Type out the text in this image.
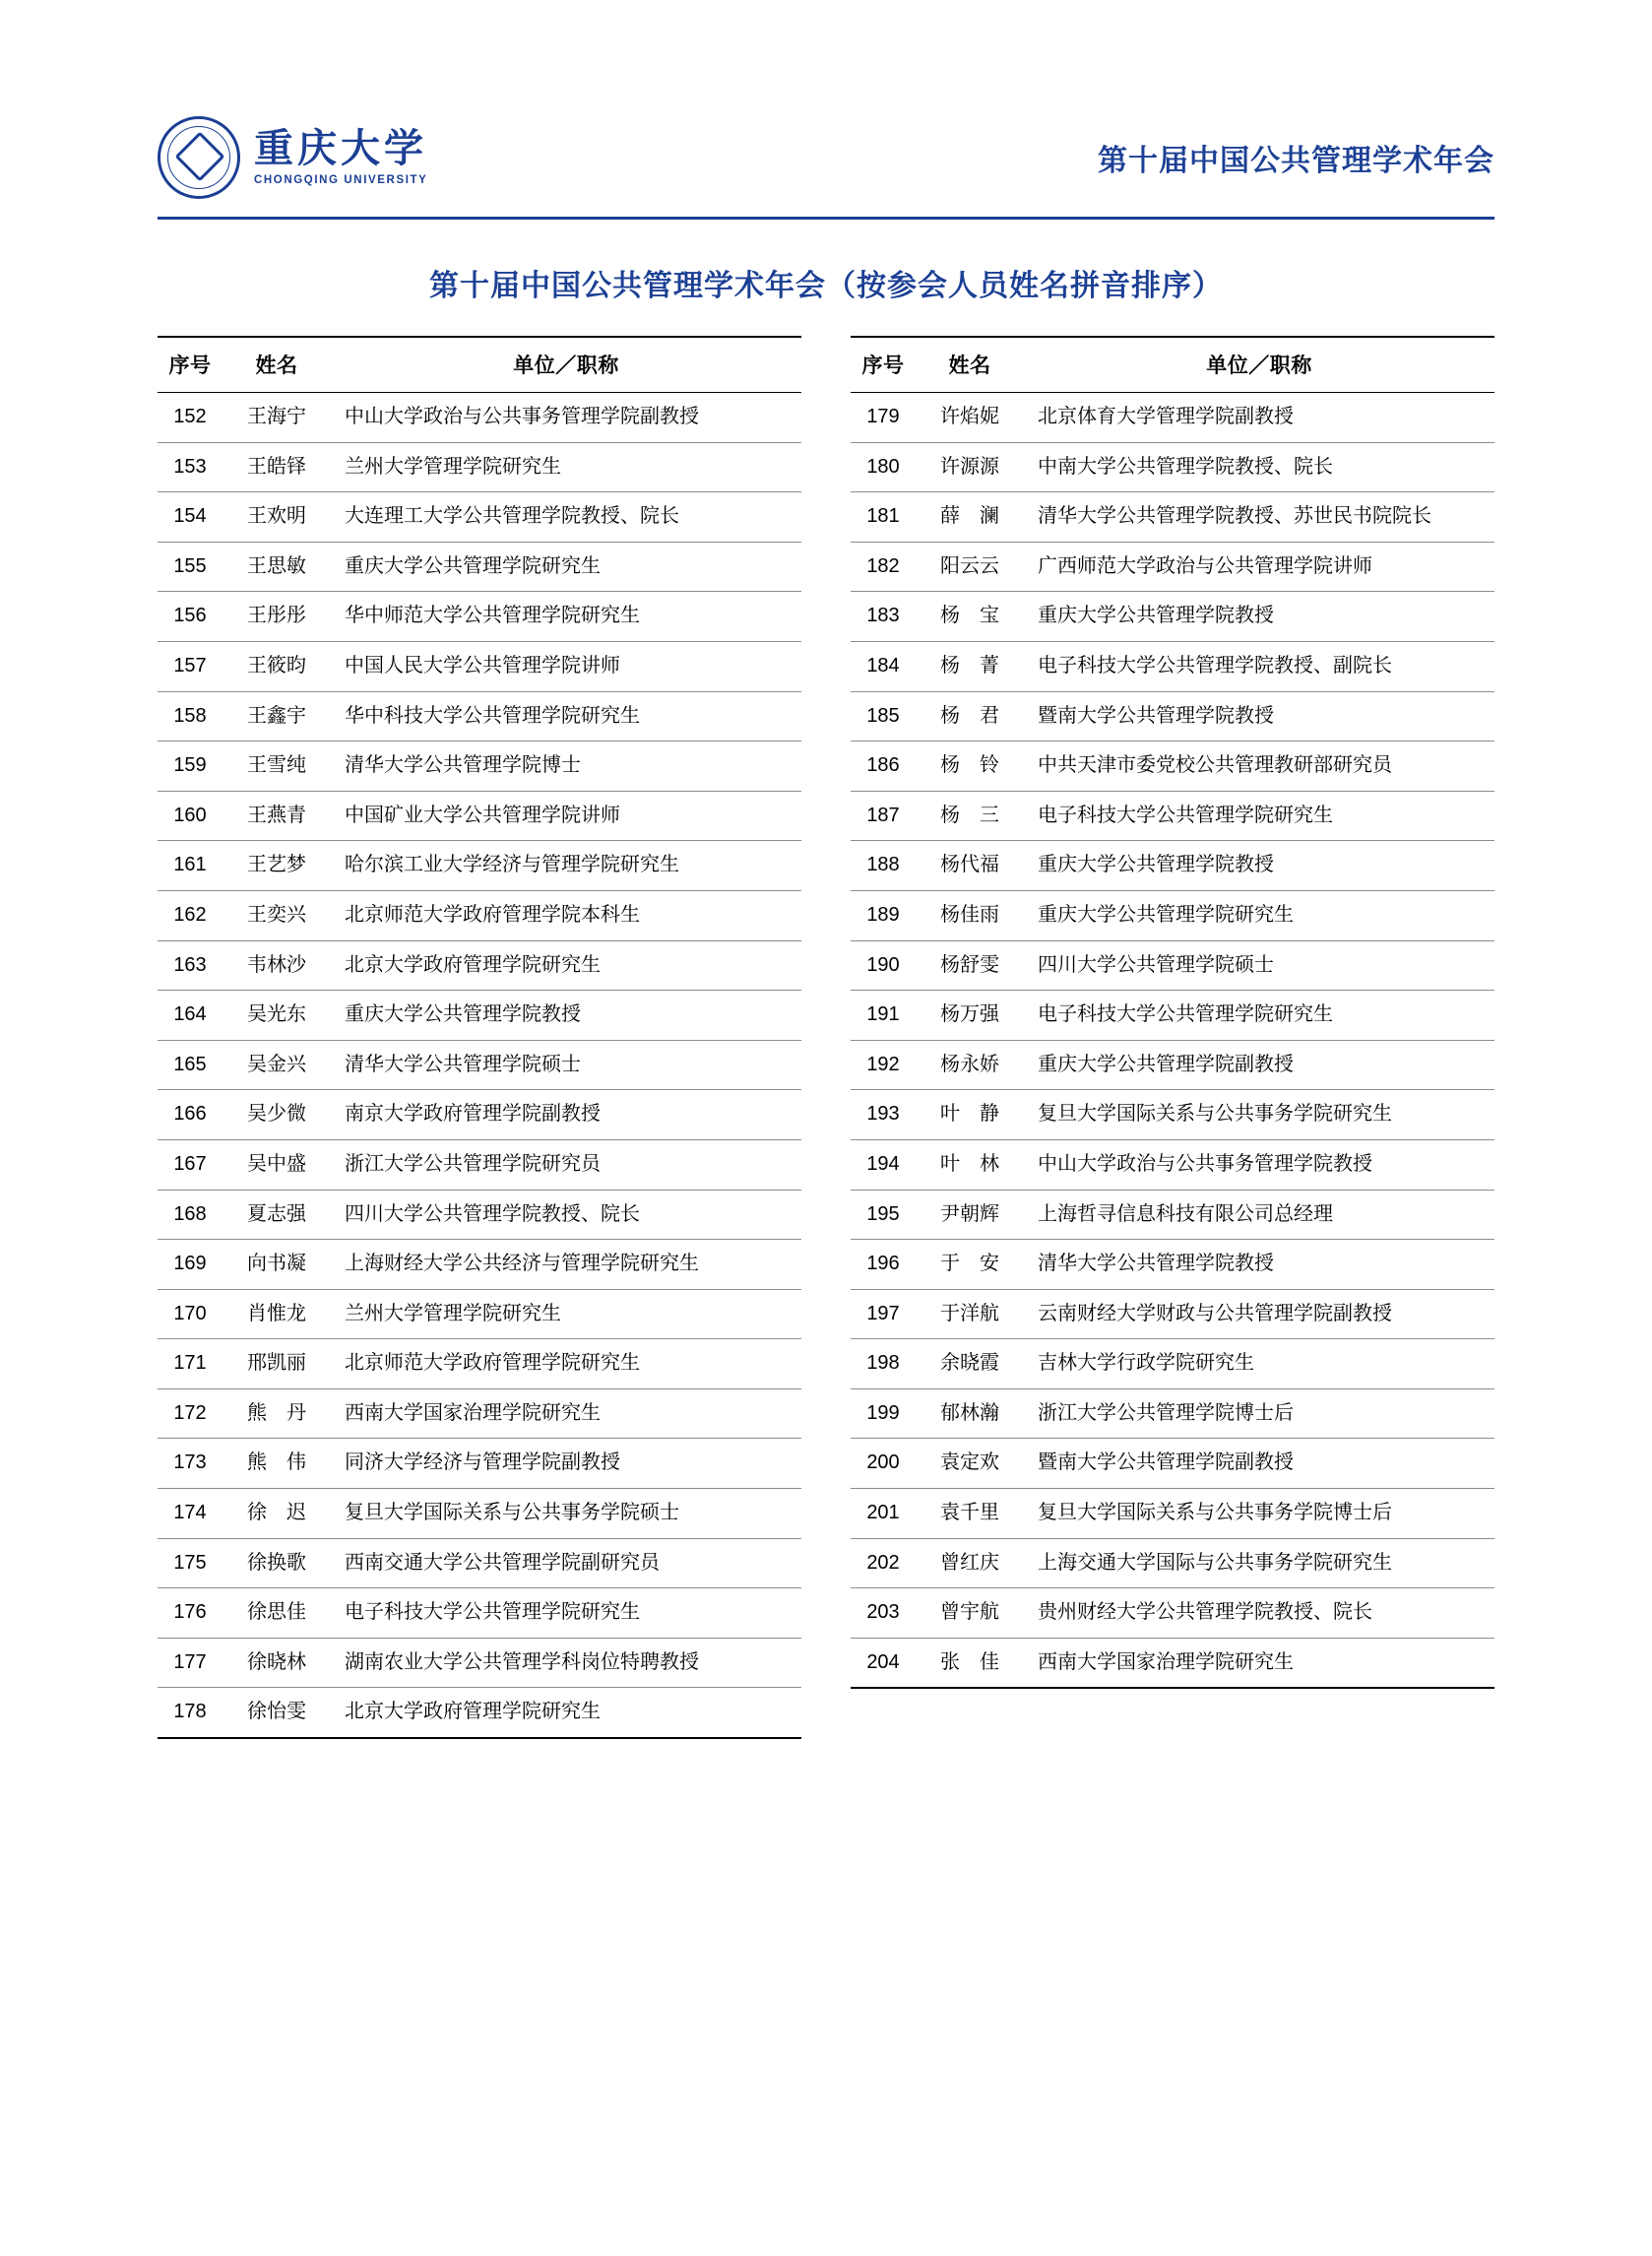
重庆大学
CHONGQING UNIVERSITY
第十届中国公共管理学术年会
第十届中国公共管理学术年会（按参会人员姓名拼音排序）
序号	姓名	单位／职称
152	王海宁	中山大学政治与公共事务管理学院副教授
153	王皓铎	兰州大学管理学院研究生
154	王欢明	大连理工大学公共管理学院教授、院长
155	王思敏	重庆大学公共管理学院研究生
156	王彤彤	华中师范大学公共管理学院研究生
157	王筱昀	中国人民大学公共管理学院讲师
158	王鑫宇	华中科技大学公共管理学院研究生
159	王雪纯	清华大学公共管理学院博士
160	王燕青	中国矿业大学公共管理学院讲师
161	王艺梦	哈尔滨工业大学经济与管理学院研究生
162	王奕兴	北京师范大学政府管理学院本科生
163	韦林沙	北京大学政府管理学院研究生
164	吴光东	重庆大学公共管理学院教授
165	吴金兴	清华大学公共管理学院硕士
166	吴少微	南京大学政府管理学院副教授
167	吴中盛	浙江大学公共管理学院研究员
168	夏志强	四川大学公共管理学院教授、院长
169	向书凝	上海财经大学公共经济与管理学院研究生
170	肖惟龙	兰州大学管理学院研究生
171	邢凯丽	北京师范大学政府管理学院研究生
172	熊　丹	西南大学国家治理学院研究生
173	熊　伟	同济大学经济与管理学院副教授
174	徐　迟	复旦大学国际关系与公共事务学院硕士
175	徐换歌	西南交通大学公共管理学院副研究员
176	徐思佳	电子科技大学公共管理学院研究生
177	徐晓林	湖南农业大学公共管理学科岗位特聘教授
178	徐怡雯	北京大学政府管理学院研究生
序号	姓名	单位／职称
179	许焰妮	北京体育大学管理学院副教授
180	许源源	中南大学公共管理学院教授、院长
181	薛　澜	清华大学公共管理学院教授、苏世民书院院长
182	阳云云	广西师范大学政治与公共管理学院讲师
183	杨　宝	重庆大学公共管理学院教授
184	杨　菁	电子科技大学公共管理学院教授、副院长
185	杨　君	暨南大学公共管理学院教授
186	杨　铃	中共天津市委党校公共管理教研部研究员
187	杨　三	电子科技大学公共管理学院研究生
188	杨代福	重庆大学公共管理学院教授
189	杨佳雨	重庆大学公共管理学院研究生
190	杨舒雯	四川大学公共管理学院硕士
191	杨万强	电子科技大学公共管理学院研究生
192	杨永娇	重庆大学公共管理学院副教授
193	叶　静	复旦大学国际关系与公共事务学院研究生
194	叶　林	中山大学政治与公共事务管理学院教授
195	尹朝辉	上海哲寻信息科技有限公司总经理
196	于　安	清华大学公共管理学院教授
197	于洋航	云南财经大学财政与公共管理学院副教授
198	余晓霞	吉林大学行政学院研究生
199	郁林瀚	浙江大学公共管理学院博士后
200	袁定欢	暨南大学公共管理学院副教授
201	袁千里	复旦大学国际关系与公共事务学院博士后
202	曾红庆	上海交通大学国际与公共事务学院研究生
203	曾宇航	贵州财经大学公共管理学院教授、院长
204	张　佳	西南大学国家治理学院研究生
